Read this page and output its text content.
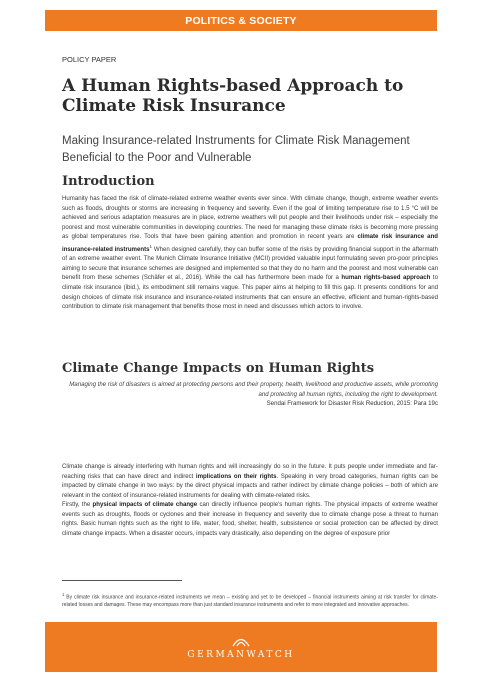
POLITICS & SOCIETY
POLICY PAPER
A Human Rights-based Approach to Climate Risk Insurance
Making Insurance-related Instruments for Climate Risk Management Beneficial to the Poor and Vulnerable
Introduction

Humanity has faced the risk of climate-related extreme weather events ever since. With climate change, though, extreme weather events such as floods, droughts or storms are increasing in frequency and severity. Even if the goal of limiting temperature rise to 1.5 °C will be achieved and serious adaptation measures are in place, extreme weathers will put people and their livelihoods under risk – especially the poorest and most vulnerable communities in developing countries. The need for managing these climate risks is becoming more pressing as global temperatures rise. Tools that have been gaining attention and promotion in recent years are climate risk insurance and insurance-related instruments$^1$ When designed carefully, they can buffer some of the risks by providing financial support in the aftermath of an extreme weather event. The Munich Climate Insurance Initiative (MCII) provided valuable input formulating seven pro-poor principles aiming to secure that insurance schemes are designed and implemented so that they do no harm and the poorest and most vulnerable can benefit from these schemes (Schäfer et al., 2016). While the call has furthermore been made for a human rights-based approach to climate risk insurance (ibid.), its embodiment still remains vague. This paper aims at helping to fill this gap. It presents conditions for and design choices of climate risk insurance and insurance-related instruments that can ensure an effective, efficient and human-rights-based contribution to climate risk management that benefits those most in need and discusses which actors to involve.

Climate Change Impacts on Human Rights
Managing the risk of disasters is aimed at protecting persons and their property, health, livelihood and productive assets, while promoting and protecting all human rights, including the right to development.
Sendai Framework for Disaster Risk Reduction, 2015: Para 19c

Climate change is already interfering with human rights and will increasingly do so in the future. It puts people under immediate and far-reaching risks that can have direct and indirect implications on their rights. Speaking in very broad categories, human rights can be impacted by climate change in two ways: by the direct physical impacts and rather indirect by climate change policies – both of which are relevant in the context of insurance-related instruments for dealing with climate-related risks.

Firstly, the physical impacts of climate change can directly influence people's human rights. The physical impacts of extreme weather events such as droughts, floods or cyclones and their increase in frequency and severity due to climate change pose a threat to human rights. Basic human rights such as the right to life, water, food, shelter, health, subsistence or social protection can be affected by direct climate change impacts. When a disaster occurs, impacts vary drastically, also depending on the degree of exposure prior

$^1$ By climate risk insurance and insurance-related instruments we mean – existing and yet to be developed – financial instruments aiming at risk transfer for climate-related losses and damages. These may encompass more than just standard insurance instruments and refer to more integrated and innovative approaches.
GERMANWATCH
